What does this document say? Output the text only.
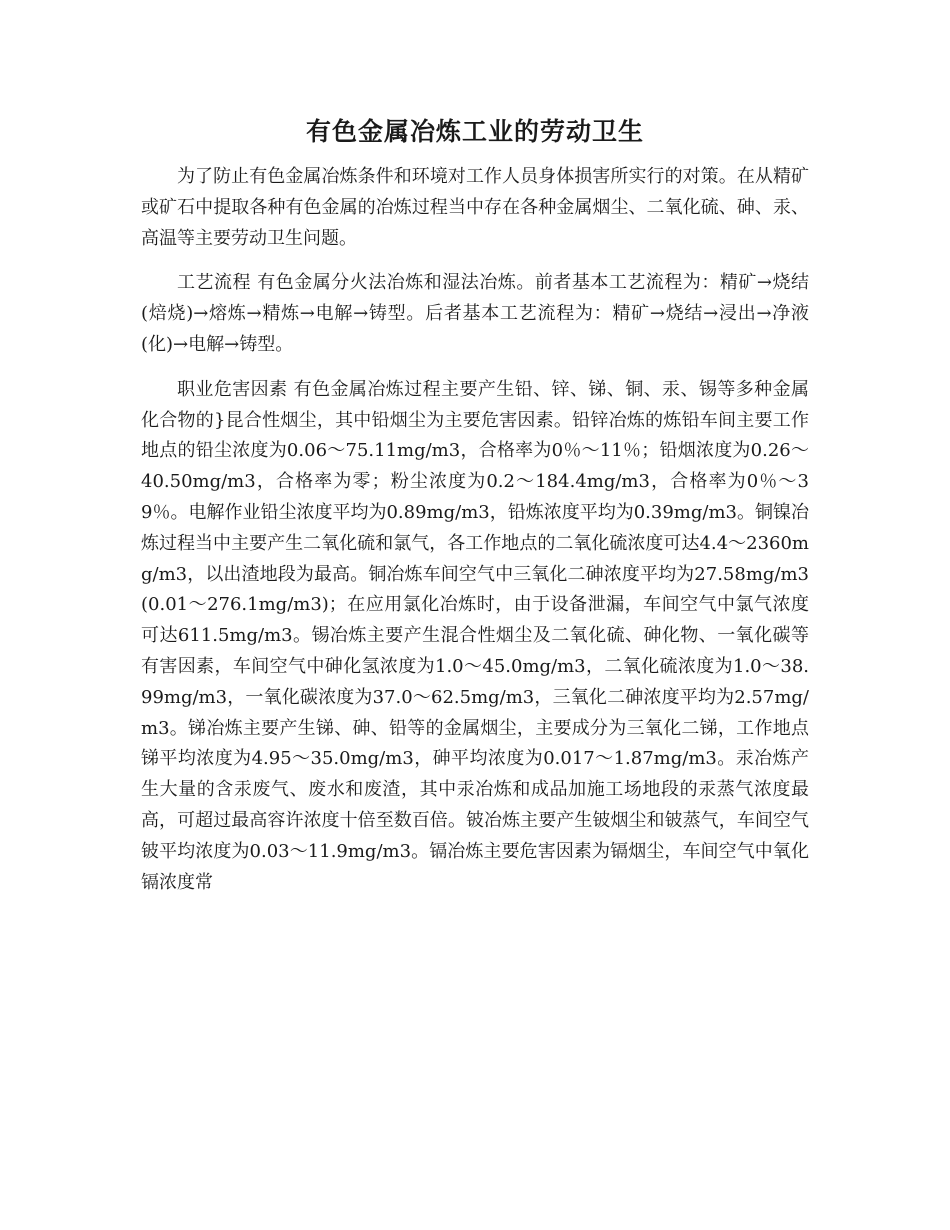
有色金属冶炼工业的劳动卫生

为了防止有色金属冶炼条件和环境对工作人员身体损害所实行的对策。在从精矿或矿石中提取各种有色金属的冶炼过程当中存在各种金属烟尘、二氧化硫、砷、汞、高温等主要劳动卫生问题。

工艺流程 有色金属分火法冶炼和湿法冶炼。前者基本工艺流程为：精矿→烧结(焙烧)→熔炼→精炼→电解→铸型。后者基本工艺流程为：精矿→烧结→浸出→净液(化)→电解→铸型。

职业危害因素 有色金属冶炼过程主要产生铅、锌、锑、铜、汞、锡等多种金属化合物的}昆合性烟尘，其中铅烟尘为主要危害因素。铅锌冶炼的炼铅车间主要工作地点的铅尘浓度为0.06～75.11mg/m3，合格率为0％～11％；铅烟浓度为0.26～40.50mg/m3，合格率为零；粉尘浓度为0.2～184.4mg/m3，合格率为0％～39％。电解作业铅尘浓度平均为0.89mg/m3，铅炼浓度平均为0.39mg/m3。铜镍冶炼过程当中主要产生二氧化硫和氯气，各工作地点的二氧化硫浓度可达4.4～2360mg/m3，以出渣地段为最高。铜冶炼车间空气中三氧化二砷浓度平均为27.58mg/m3(0.01～276.1mg/m3)；在应用氯化冶炼时，由于设备泄漏，车间空气中氯气浓度可达611.5mg/m3。锡冶炼主要产生混合性烟尘及二氧化硫、砷化物、一氧化碳等有害因素，车间空气中砷化氢浓度为1.0～45.0mg/m3，二氧化硫浓度为1.0～38.99mg/m3，一氧化碳浓度为37.0～62.5mg/m3，三氧化二砷浓度平均为2.57mg/m3。锑冶炼主要产生锑、砷、铅等的金属烟尘，主要成分为三氧化二锑，工作地点锑平均浓度为4.95～35.0mg/m3，砷平均浓度为0.017～1.87mg/m3。汞冶炼产生大量的含汞废气、废水和废渣，其中汞冶炼和成品加施工场地段的汞蒸气浓度最高，可超过最高容许浓度十倍至数百倍。铍冶炼主要产生铍烟尘和铍蒸气，车间空气铍平均浓度为0.03～11.9mg/m3。镉冶炼主要危害因素为镉烟尘，车间空气中氧化镉浓度常
